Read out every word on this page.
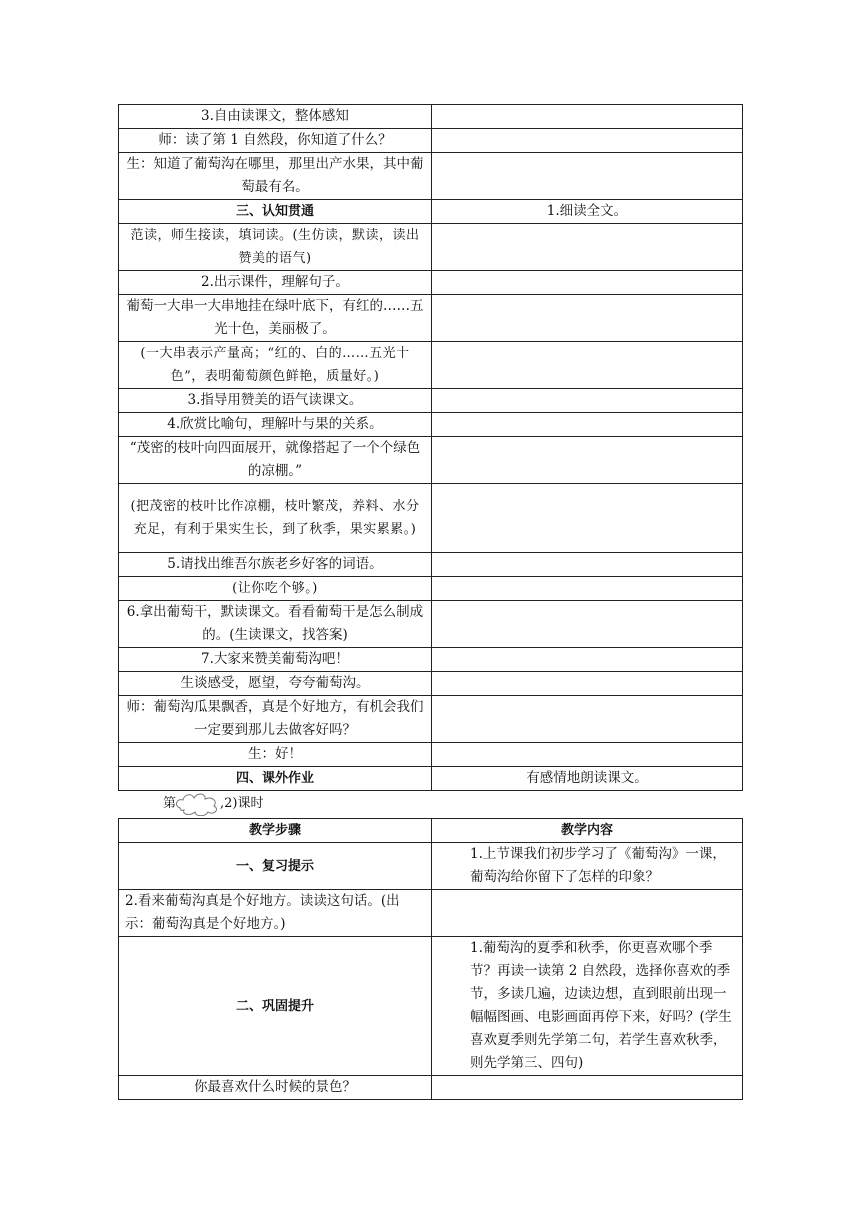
3.自由读课文，整体感知	
师：读了第 1 自然段，你知道了什么？	
生：知道了葡萄沟在哪里，那里出产水果，其中葡萄最有名。	
三、认知贯通	1.细读全文。
范读，师生接读，填词读。(生仿读，默读，读出赞美的语气)	
2.出示课件，理解句子。	
葡萄一大串一大串地挂在绿叶底下，有红的……五光十色，美丽极了。	
(一大串表示产量高；“红的、白的……五光十色”，表明葡萄颜色鲜艳，质量好。)	
3.指导用赞美的语气读课文。	
4.欣赏比喻句，理解叶与果的关系。	
“茂密的枝叶向四面展开，就像搭起了一个个绿色的凉棚。”	
(把茂密的枝叶比作凉棚，枝叶繁茂，养料、水分充足，有利于果实生长，到了秋季，果实累累。)	
5.请找出维吾尔族老乡好客的词语。	
(让你吃个够。)	
6.拿出葡萄干，默读课文。看看葡萄干是怎么制成的。(生读课文，找答案)	
7.大家来赞美葡萄沟吧！	
生谈感受，愿望，夸夸葡萄沟。	
师：葡萄沟瓜果飘香，真是个好地方，有机会我们一定要到那儿去做客好吗？	
生：好！	
四、课外作业	有感情地朗读课文。
第	,2)课时
教学步骤	教学内容
一、复习提示	1.上节课我们初步学习了《葡萄沟》一课，葡萄沟给你留下了怎样的印象？
2.看来葡萄沟真是个好地方。读读这句话。(出示：葡萄沟真是个好地方。)	
二、巩固提升	1.葡萄沟的夏季和秋季，你更喜欢哪个季节？再读一读第 2 自然段，选择你喜欢的季节，多读几遍，边读边想，直到眼前出现一幅幅图画、电影画面再停下来，好吗？(学生喜欢夏季则先学第二句，若学生喜欢秋季，则先学第三、四句)
你最喜欢什么时候的景色？	
